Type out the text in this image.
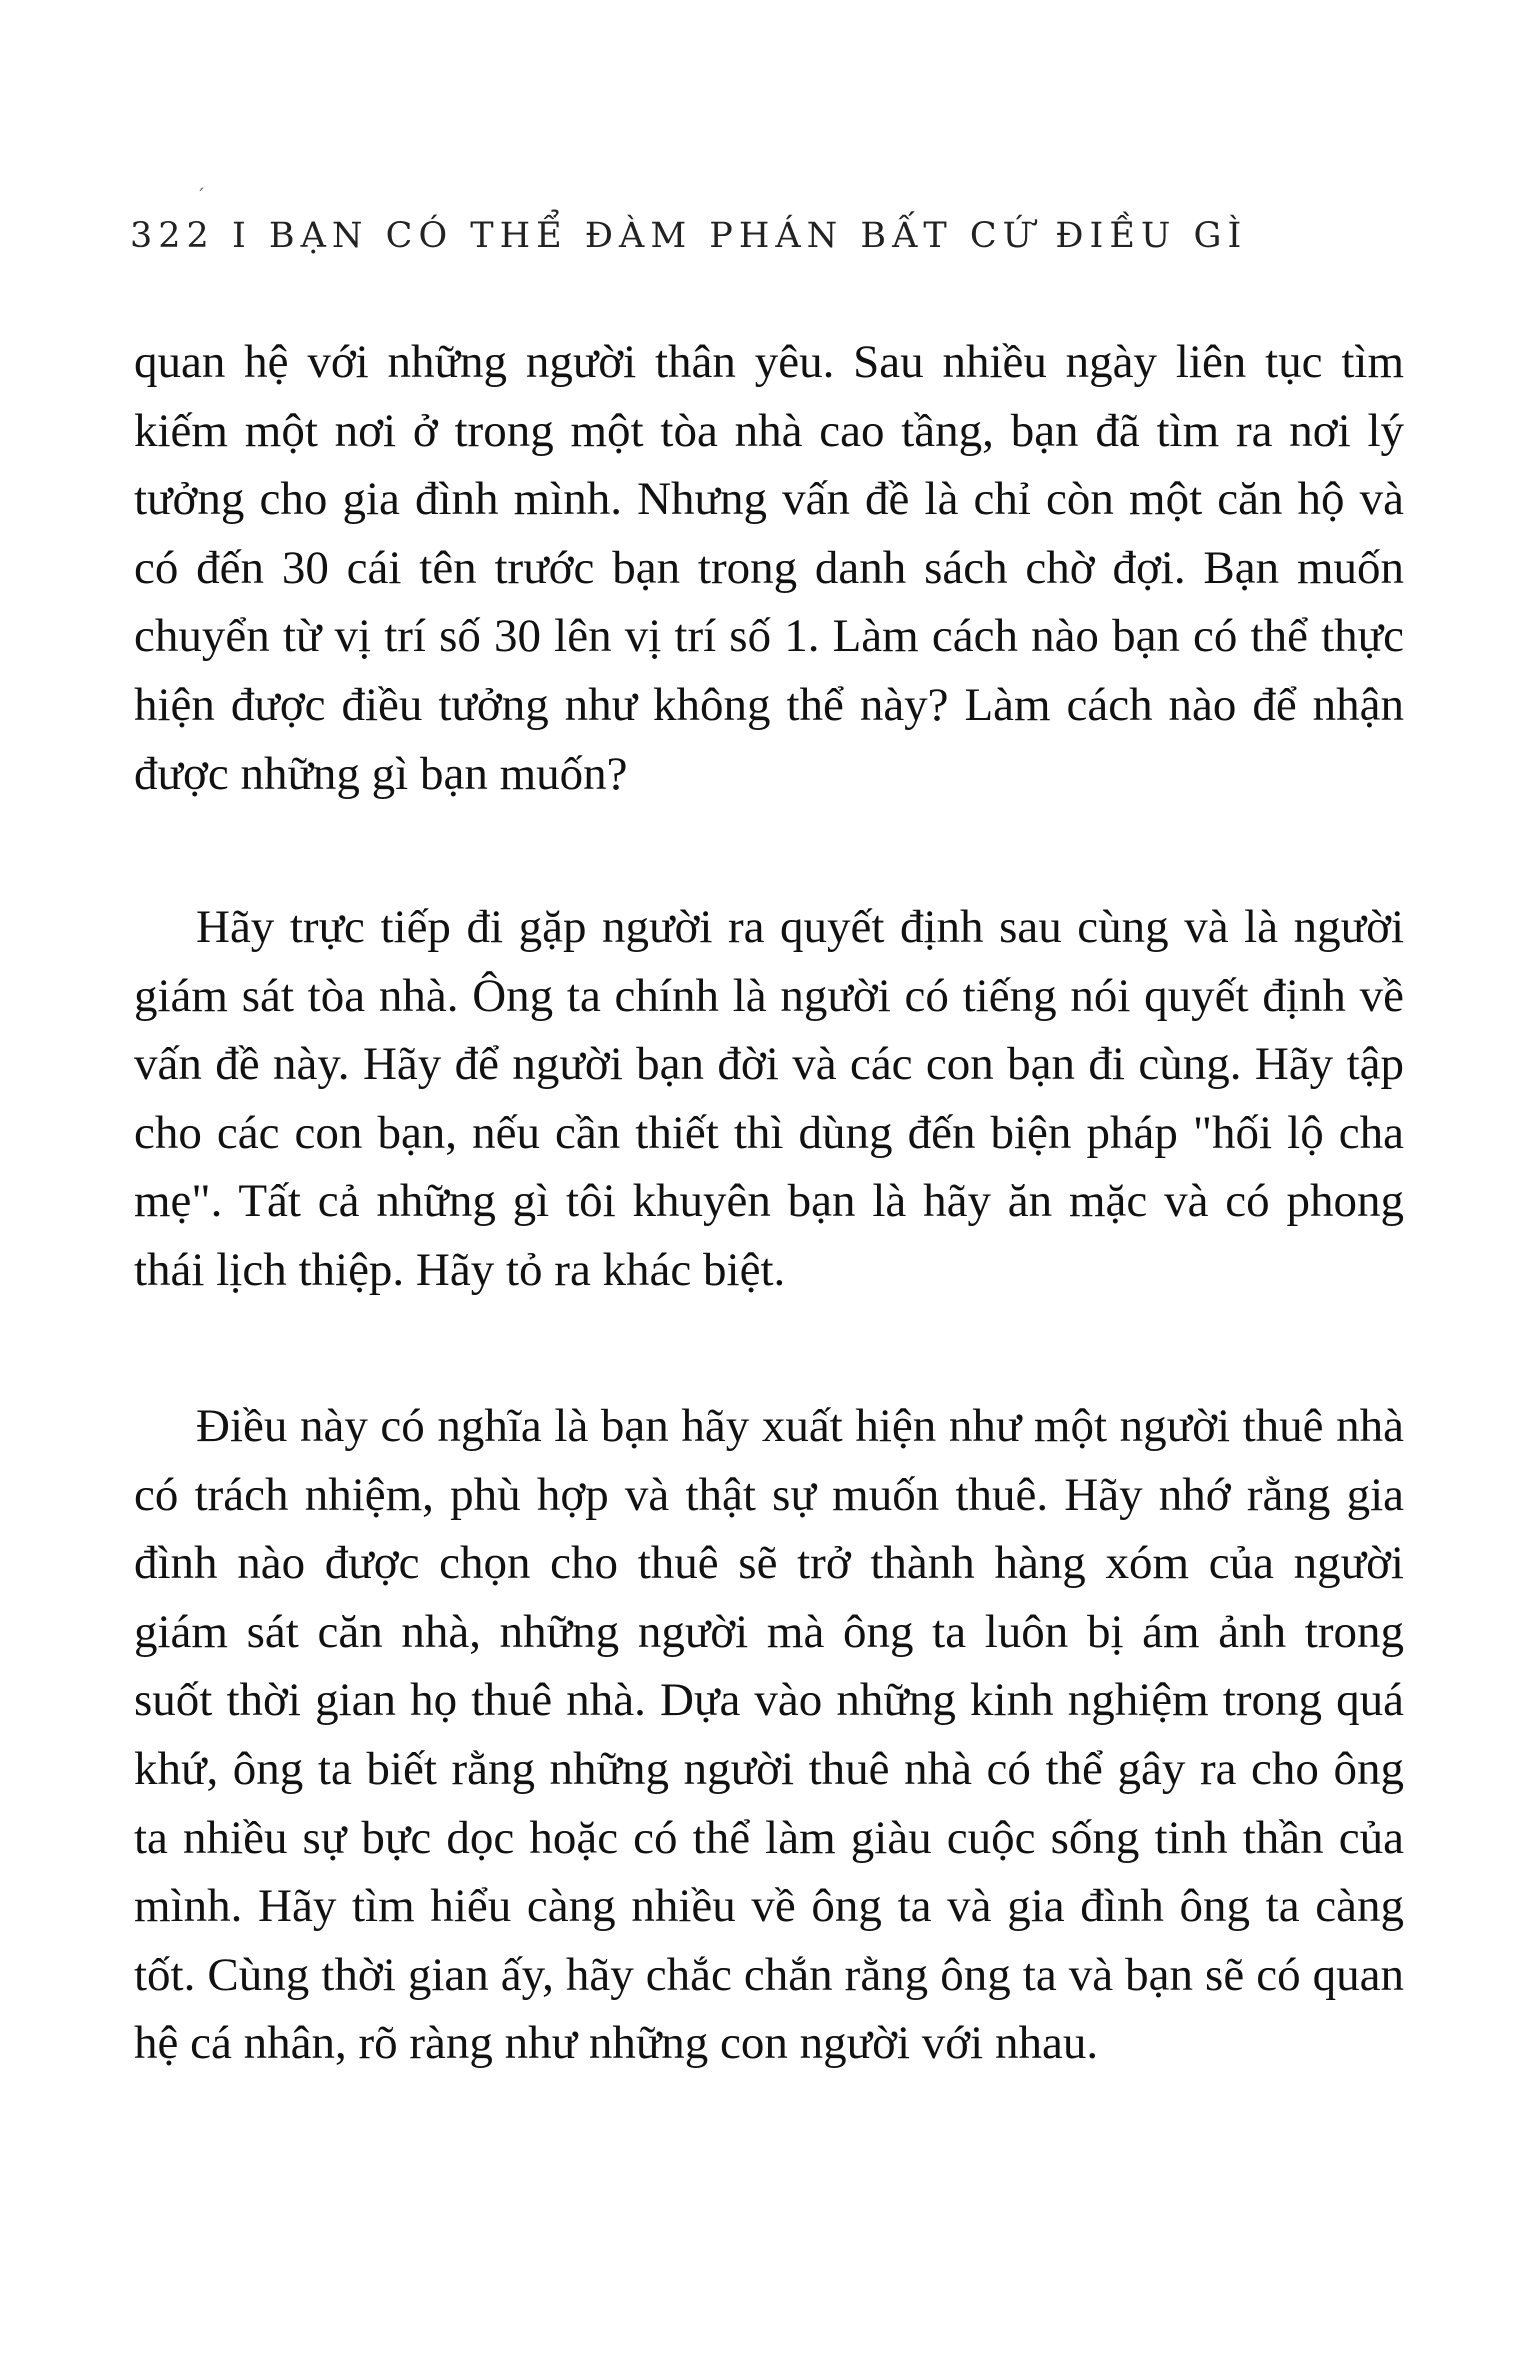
ˊ
322 I BẠN CÓ THỂ ĐÀM PHÁN BẤT CỨ ĐIỀU GÌ

quan hệ với những người thân yêu. Sau nhiều ngày liên tục tìm kiếm một nơi ở trong một tòa nhà cao tầng, bạn đã tìm ra nơi lý tưởng cho gia đình mình. Nhưng vấn đề là chỉ còn một căn hộ và có đến 30 cái tên trước bạn trong danh sách chờ đợi. Bạn muốn chuyển từ vị trí số 30 lên vị trí số 1. Làm cách nào bạn có thể thực hiện được điều tưởng như không thể này? Làm cách nào để nhận được những gì bạn muốn?

Hãy trực tiếp đi gặp người ra quyết định sau cùng và là người giám sát tòa nhà. Ông ta chính là người có tiếng nói quyết định về vấn đề này. Hãy để người bạn đời và các con bạn đi cùng. Hãy tập cho các con bạn, nếu cần thiết thì dùng đến biện pháp "hối lộ cha mẹ". Tất cả những gì tôi khuyên bạn là hãy ăn mặc và có phong thái lịch thiệp. Hãy tỏ ra khác biệt.

Điều này có nghĩa là bạn hãy xuất hiện như một người thuê nhà có trách nhiệm, phù hợp và thật sự muốn thuê. Hãy nhớ rằng gia đình nào được chọn cho thuê sẽ trở thành hàng xóm của người giám sát căn nhà, những người mà ông ta luôn bị ám ảnh trong suốt thời gian họ thuê nhà. Dựa vào những kinh nghiệm trong quá khứ, ông ta biết rằng những người thuê nhà có thể gây ra cho ông ta nhiều sự bực dọc hoặc có thể làm giàu cuộc sống tinh thần của mình. Hãy tìm hiểu càng nhiều về ông ta và gia đình ông ta càng tốt. Cùng thời gian ấy, hãy chắc chắn rằng ông ta và bạn sẽ có quan hệ cá nhân, rõ ràng như những con người với nhau.
